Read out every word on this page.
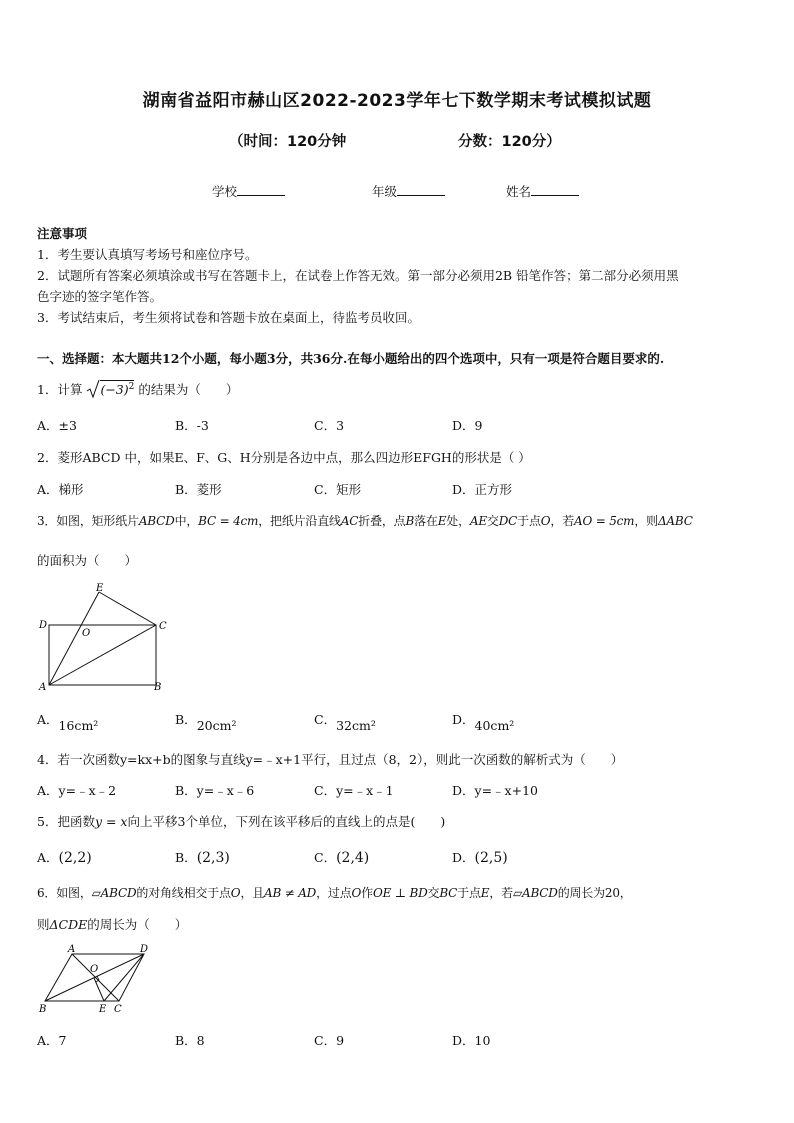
湖南省益阳市赫山区2022-2023学年七下数学期末考试模拟试题
（时间：120分钟	分数：120分）
学校	年级	姓名
注意事项
1．考生要认真填写考场号和座位序号。
2．试题所有答案必须填涂或书写在答题卡上，在试卷上作答无效。第一部分必须用2B 铅笔作答；第二部分必须用黑
色字迹的签字笔作答。
3．考试结束后，考生须将试卷和答题卡放在桌面上，待监考员收回。
一、选择题：本大题共12个小题，每小题3分，共36分.在每小题给出的四个选项中，只有一项是符合题目要求的.
1．计算 $(-3)^2$ 的结果为（　　）
A．±3	B．-3	C．3	D．9
2．菱形ABCD 中，如果E、F、G、H分别是各边中点，那么四边形EFGH的形状是（ ）
A．梯形	B．菱形	C．矩形	D．正方形
3．如图，矩形纸片ABCD中，BC = 4cm，把纸片沿直线AC折叠，点B落在E处，AE交DC于点O，若AO = 5cm，则ΔABC
的面积为（　　）
E
D
O
C
A	B
A．16cm²	B．20cm²	C．32cm²	D．40cm²
4．若一次函数y=kx+b的图象与直线y=﹣x+1平行，且过点（8，2），则此一次函数的解析式为（　　）
A．y=﹣x﹣2	B．y=﹣x﹣6	C．y=﹣x﹣1	D．y=﹣x+10
5．把函数y = x向上平移3个单位，下列在该平移后的直线上的点是(　　)
A．(2,2)	B．(2,3)	C．(2,4)	D．(2,5)
6．如图，▱ABCD的对角线相交于点O，且AB ≠ AD，过点O作OE ⊥ BD交BC于点E，若▱ABCD的周长为20，
则ΔCDE的周长为（　　）
A	D
O
B	E C
A．7	B．8	C．9	D．10
